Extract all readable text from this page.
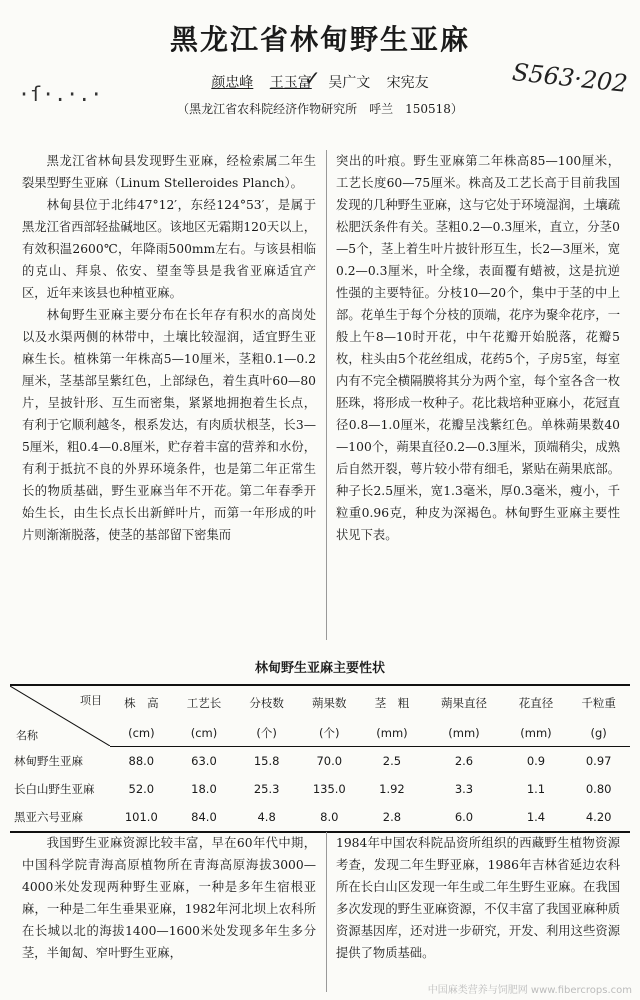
黑龙江省林甸野生亚麻
·ſ·.·.·
✓	S563·202
颜忠峰 王玉富 吴广文 宋宪友
（黑龙江省农科院经济作物研究所　呼兰　150518）

黑龙江省林甸县发现野生亚麻，经检索属二年生裂果型野生亚麻（Linum Stelleroides Planch）。

林甸县位于北纬47°12′，东经124°53′，是属于黑龙江省西部轻盐碱地区。该地区无霜期120天以上，有效积温2600℃，年降雨500mm左右。与该县相临的克山、拜泉、依安、望奎等县是我省亚麻适宜产区，近年来该县也种植亚麻。

林甸野生亚麻主要分布在长年存有积水的高岗处以及水渠两侧的林带中，土壤比较湿润，适宜野生亚麻生长。植株第一年株高5—10厘米，茎粗0.1—0.2厘米，茎基部呈紫红色，上部绿色，着生真叶60—80片，呈披针形、互生而密集，紧紧地拥抱着生长点，有利于它顺利越冬，根系发达，有肉质状根茎，长3—5厘米，粗0.4—0.8厘米，贮存着丰富的营养和水份，有利于抵抗不良的外界环境条件，也是第二年正常生长的物质基础，野生亚麻当年不开花。第二年春季开始生长，由生长点长出新鲜叶片，而第一年形成的叶片则渐渐脱落，使茎的基部留下密集而

突出的叶痕。野生亚麻第二年株高85—100厘米，工艺长度60—75厘米。株高及工艺长高于目前我国发现的几种野生亚麻，这与它处于环境湿润，土壤疏松肥沃条件有关。茎粗0.2—0.3厘米，直立，分茎0—5个，茎上着生叶片披针形互生，长2—3厘米，宽0.2—0.3厘米，叶全缘，表面覆有蜡被，这是抗逆性强的主要特征。分枝10—20个，集中于茎的中上部。花单生于每个分枝的顶端，花序为聚伞花序，一般上午8—10时开花，中午花瓣开始脱落，花瓣5枚，柱头由5个花丝组成，花药5个，子房5室，每室内有不完全横隔膜将其分为两个室，每个室各含一枚胚珠，将形成一枚种子。花比栽培种亚麻小，花冠直径0.8—1.0厘米，花瓣呈浅紫红色。单株蒴果数40—100个，蒴果直径0.2—0.3厘米，顶端稍尖，成熟后自然开裂，萼片较小带有细毛，紧贴在蒴果底部。种子长2.5厘米，宽1.3毫米，厚0.3毫米，瘦小，千粒重0.96克，种皮为深褐色。林甸野生亚麻主要性状见下表。

林甸野生亚麻主要性状
项目
名称	株　高	工艺长	分枝数	蒴果数	茎　粗	蒴果直径	花直径	千粒重
	(cm)	(cm)	(个)	(个)	(mm)	(mm)	(mm)	(g)
林甸野生亚麻	88.0	63.0	15.8	70.0	2.5	2.6	0.9	0.97
长白山野生亚麻	52.0	18.0	25.3	135.0	1.92	3.3	1.1	0.80
黑亚六号亚麻	101.0	84.0	4.8	8.0	2.8	6.0	1.4	4.20

我国野生亚麻资源比较丰富，早在60年代中期，中国科学院青海高原植物所在青海高原海拔3000—4000米处发现两种野生亚麻，一种是多年生宿根亚麻，一种是二年生垂果亚麻，1982年河北坝上农科所在长城以北的海拔1400—1600米处发现多年生多分茎，半匍匐、窄叶野生亚麻，

1984年中国农科院品资所组织的西藏野生植物资源考查，发现二年生野亚麻，1986年吉林省延边农科所在长白山区发现一年生或二年生野生亚麻。在我国多次发现的野生亚麻资源，不仅丰富了我国亚麻种质资源基因库，还对进一步研究，开发、利用这些资源提供了物质基础。

中国麻类营养与饲肥网 www.fibercrops.com
